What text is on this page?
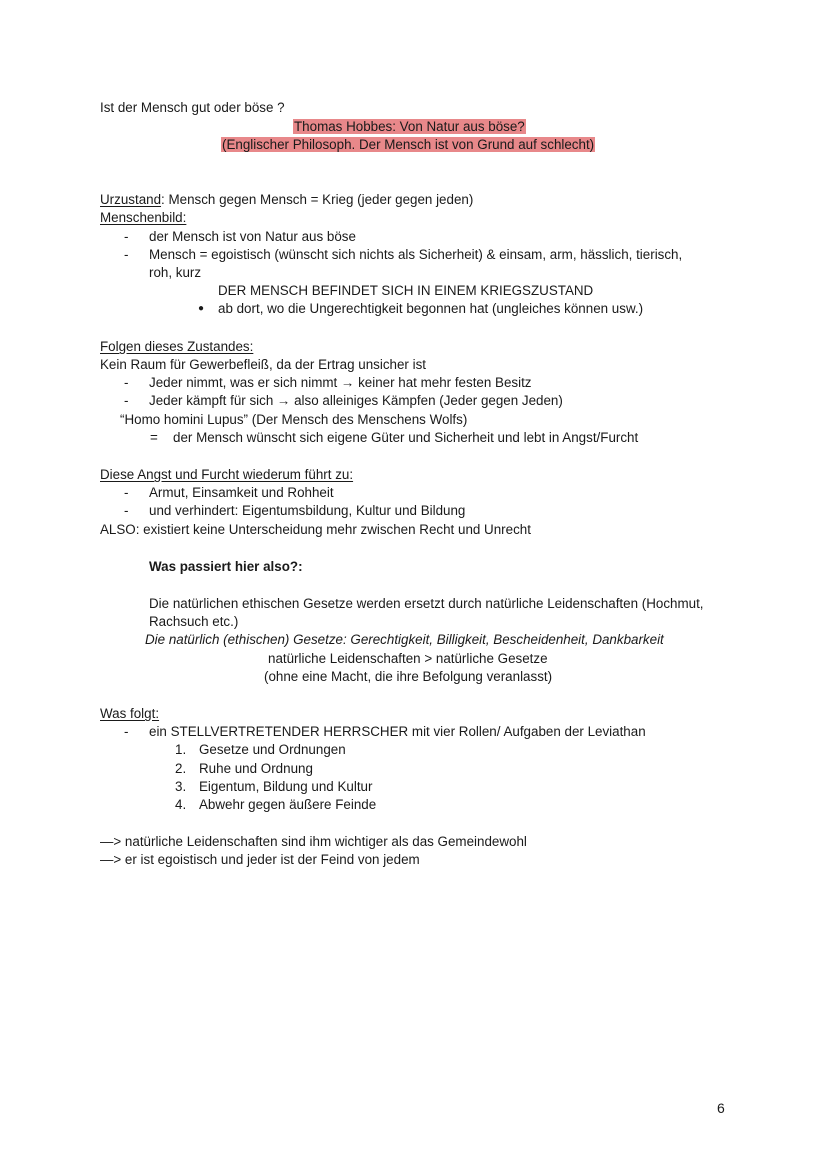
Ist der Mensch gut oder böse ?
Thomas Hobbes: Von Natur aus böse?
(Englischer Philosoph. Der Mensch ist von Grund auf schlecht)
Urzustand: Mensch gegen Mensch = Krieg (jeder gegen jeden)
Menschenbild:
- der Mensch ist von Natur aus böse
- Mensch = egoistisch (wünscht sich nichts als Sicherheit) & einsam, arm, hässlich, tierisch,
roh, kurz
DER MENSCH BEFINDET SICH IN EINEM KRIEGSZUSTAND
● ab dort, wo die Ungerechtigkeit begonnen hat (ungleiches können usw.)
Folgen dieses Zustandes:
Kein Raum für Gewerbefleiß, da der Ertrag unsicher ist
- Jeder nimmt, was er sich nimmt → keiner hat mehr festen Besitz
- Jeder kämpft für sich → also alleiniges Kämpfen (Jeder gegen Jeden)
“Homo homini Lupus” (Der Mensch des Menschens Wolfs)
= der Mensch wünscht sich eigene Güter und Sicherheit und lebt in Angst/Furcht
Diese Angst und Furcht wiederum führt zu:
- Armut, Einsamkeit und Rohheit
- und verhindert: Eigentumsbildung, Kultur und Bildung
ALSO: existiert keine Unterscheidung mehr zwischen Recht und Unrecht
Was passiert hier also?:
Die natürlichen ethischen Gesetze werden ersetzt durch natürliche Leidenschaften (Hochmut,
Rachsuch etc.)
Die natürlich (ethischen) Gesetze: Gerechtigkeit, Billigkeit, Bescheidenheit, Dankbarkeit
natürliche Leidenschaften > natürliche Gesetze
(ohne eine Macht, die ihre Befolgung veranlasst)
Was folgt:
- ein STELLVERTRETENDER HERRSCHER mit vier Rollen/ Aufgaben der Leviathan
1. Gesetze und Ordnungen
2. Ruhe und Ordnung
3. Eigentum, Bildung und Kultur
4. Abwehr gegen äußere Feinde
—> natürliche Leidenschaften sind ihm wichtiger als das Gemeindewohl
—> er ist egoistisch und jeder ist der Feind von jedem
6
